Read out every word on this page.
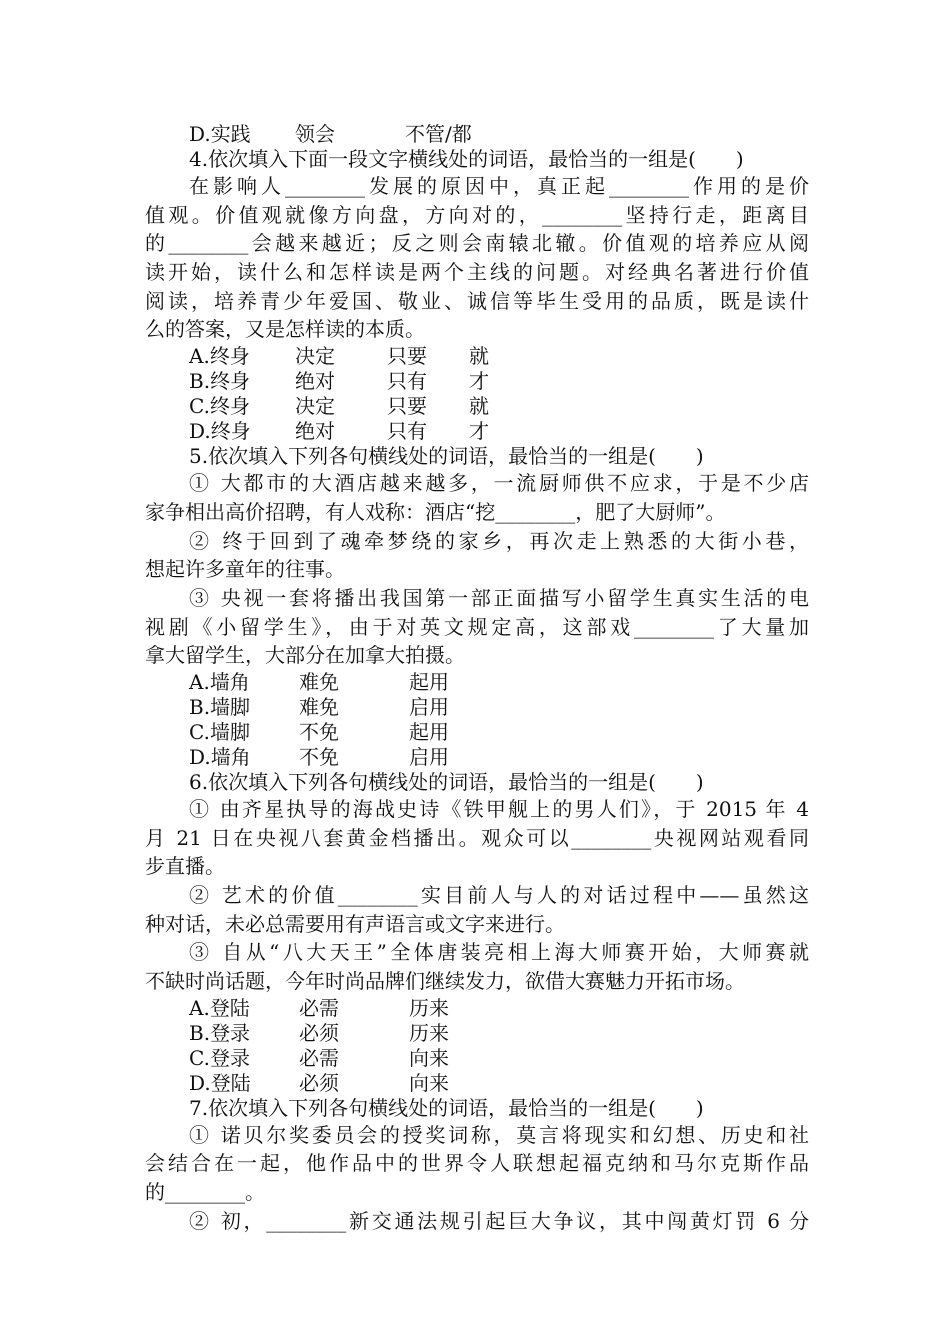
D.实践 领会	不管/都
4.依次填入下面一段文字横线处的词语，最恰当的一组是(　　)
在影响人________发展的原因中，真正起________作用的是价
值观。价值观就像方向盘，方向对的，________坚持行走，距离目
的________会越来越近；反之则会南辕北辙。价值观的培养应从阅
读开始，读什么和怎样读是两个主线的问题。对经典名著进行价值
阅读，培养青少年爱国、敬业、诚信等毕生受用的品质，既是读什
么的答案，又是怎样读的本质。
A.终身 决定	只要 就
B.终身 绝对	只有 才
C.终身 决定	只要 就
D.终身 绝对	只有 才
5.依次填入下列各句横线处的词语，最恰当的一组是(　　)
① 大都市的大酒店越来越多，一流厨师供不应求，于是不少店
家争相出高价招聘，有人戏称：酒店“挖________，肥了大厨师”。
② 终于回到了魂牵梦绕的家乡，再次走上熟悉的大街小巷，
想起许多童年的往事。
③ 央视一套将播出我国第一部正面描写小留学生真实生活的电
视剧《小留学生》，由于对英文规定高，这部戏________了大量加
拿大留学生，大部分在加拿大拍摄。
A.墙角 难免	起用
B.墙脚 难免	启用
C.墙脚 不免	起用
D.墙角 不免	启用
6.依次填入下列各句横线处的词语，最恰当的一组是(　　)
① 由齐星执导的海战史诗《铁甲舰上的男人们》，于 2015 年 4
月 21 日在央视八套黄金档播出。观众可以________央视网站观看同
步直播。
② 艺术的价值________实目前人与人的对话过程中——虽然这
种对话，未必总需要用有声语言或文字来进行。
③ 自从“八大天王”全体唐装亮相上海大师赛开始，大师赛就
不缺时尚话题，今年时尚品牌们继续发力，欲借大赛魅力开拓市场。
A.登陆 必需	历来
B.登录 必须	历来
C.登录 必需	向来
D.登陆 必须	向来
7.依次填入下列各句横线处的词语，最恰当的一组是(　　)
① 诺贝尔奖委员会的授奖词称，莫言将现实和幻想、历史和社
会结合在一起，他作品中的世界令人联想起福克纳和马尔克斯作品
的________。
② 初，________新交通法规引起巨大争议，其中闯黄灯罚 6 分
